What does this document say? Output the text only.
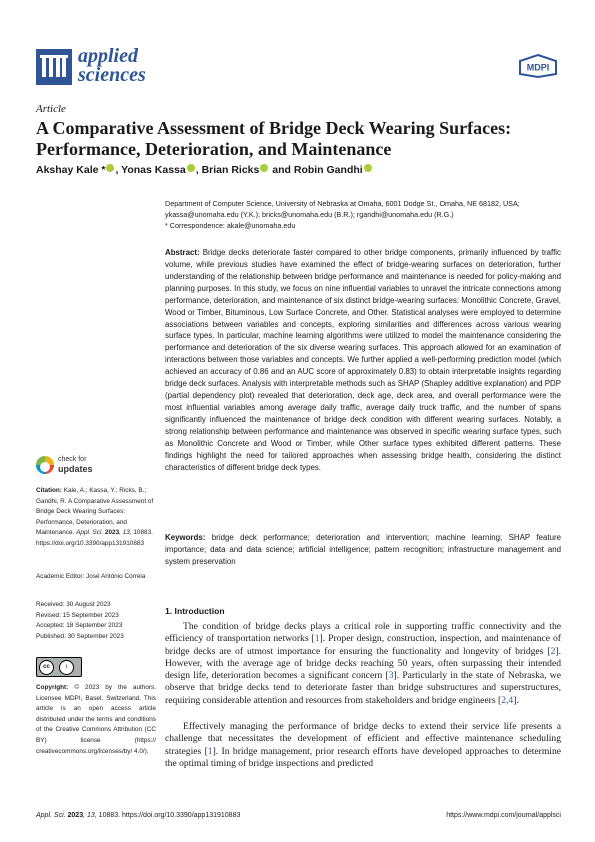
applied
sciences	MDPI
Article
A Comparative Assessment of Bridge Deck Wearing Surfaces: Performance, Deterioration, and Maintenance
Akshay Kale * , Yonas Kassa , Brian Ricks and Robin Gandhi
Department of Computer Science, University of Nebraska at Omaha, 6001 Dodge St., Omaha, NE 68182, USA;
ykassa@unomaha.edu (Y.K.); bricks@unomaha.edu (B.R.); rgandhi@unomaha.edu (R.G.)
* Correspondence: akale@unomaha.edu

Abstract: Bridge decks deteriorate faster compared to other bridge components, primarily influenced by traffic volume, while previous studies have examined the effect of bridge-wearing surfaces on deterioration, further understanding of the relationship between bridge performance and maintenance is needed for policy-making and planning purposes. In this study, we focus on nine influential variables to unravel the intricate connections among performance, deterioration, and maintenance of six distinct bridge-wearing surfaces: Monolithic Concrete, Gravel, Wood or Timber, Bituminous, Low Surface Concrete, and Other. Statistical analyses were employed to determine associations between variables and concepts, exploring similarities and differences across various wearing surface types. In particular, machine learning algorithms were utilized to model the maintenance considering the performance and deterioration of the six diverse wearing surfaces. This approach allowed for an examination of interactions between those variables and concepts. We further applied a well-performing prediction model (which achieved an accuracy of 0.86 and an AUC score of approximately 0.83) to obtain interpretable insights regarding bridge deck surfaces. Analysis with interpretable methods such as SHAP (Shapley additive explanation) and PDP (partial dependency plot) revealed that deterioration, deck age, deck area, and overall performance were the most influential variables among average daily traffic, average daily truck traffic, and the number of spans significantly influenced the maintenance of bridge deck condition with different wearing surfaces. Notably, a strong relationship between performance and maintenance was observed in specific wearing surface types, such as Monolithic Concrete and Wood or Timber, while Other surface types exhibited different patterns. These findings highlight the need for tailored approaches when assessing bridge health, considering the distinct characteristics of different bridge deck types.

Keywords: bridge deck performance; deterioration and intervention; machine learning; SHAP feature importance; data and data science; artificial intelligence; pattern recognition; infrastructure management and system preservation

check for
updates

Citation: Kale, A.; Kassa, Y.; Ricks, B.; Gandhi, R. A Comparative Assessment of Bridge Deck Wearing Surfaces: Performance, Deterioration, and Maintenance. Appl. Sci. 2023, 13, 10883. https://doi.org/10.3390/app131910883

Academic Editor: José António Correia

Received: 30 August 2023
Revised: 15 September 2023
Accepted: 18 September 2023
Published: 30 September 2023
cc	i

Copyright: © 2023 by the authors. Licensee MDPI, Basel, Switzerland. This article is an open access article distributed under the terms and conditions of the Creative Commons Attribution (CC BY) license (https:// creativecommons.org/licenses/by/ 4.0/).

1. Introduction

The condition of bridge decks plays a critical role in supporting traffic connectivity and the efficiency of transportation networks [1]. Proper design, construction, inspection, and maintenance of bridge decks are of utmost importance for ensuring the functionality and longevity of bridges [2]. However, with the average age of bridge decks reaching 50 years, often surpassing their intended design life, deterioration becomes a significant concern [3]. Particularly in the state of Nebraska, we observe that bridge decks tend to deteriorate faster than bridge substructures and superstructures, requiring considerable attention and resources from stakeholders and bridge engineers [2,4].

Effectively managing the performance of bridge decks to extend their service life presents a challenge that necessitates the development of efficient and effective maintenance scheduling strategies [1]. In bridge management, prior research efforts have developed approaches to determine the optimal timing of bridge inspections and predicted

Appl. Sci. 2023, 13, 10883. https://doi.org/10.3390/app131910883	https://www.mdpi.com/journal/applsci
